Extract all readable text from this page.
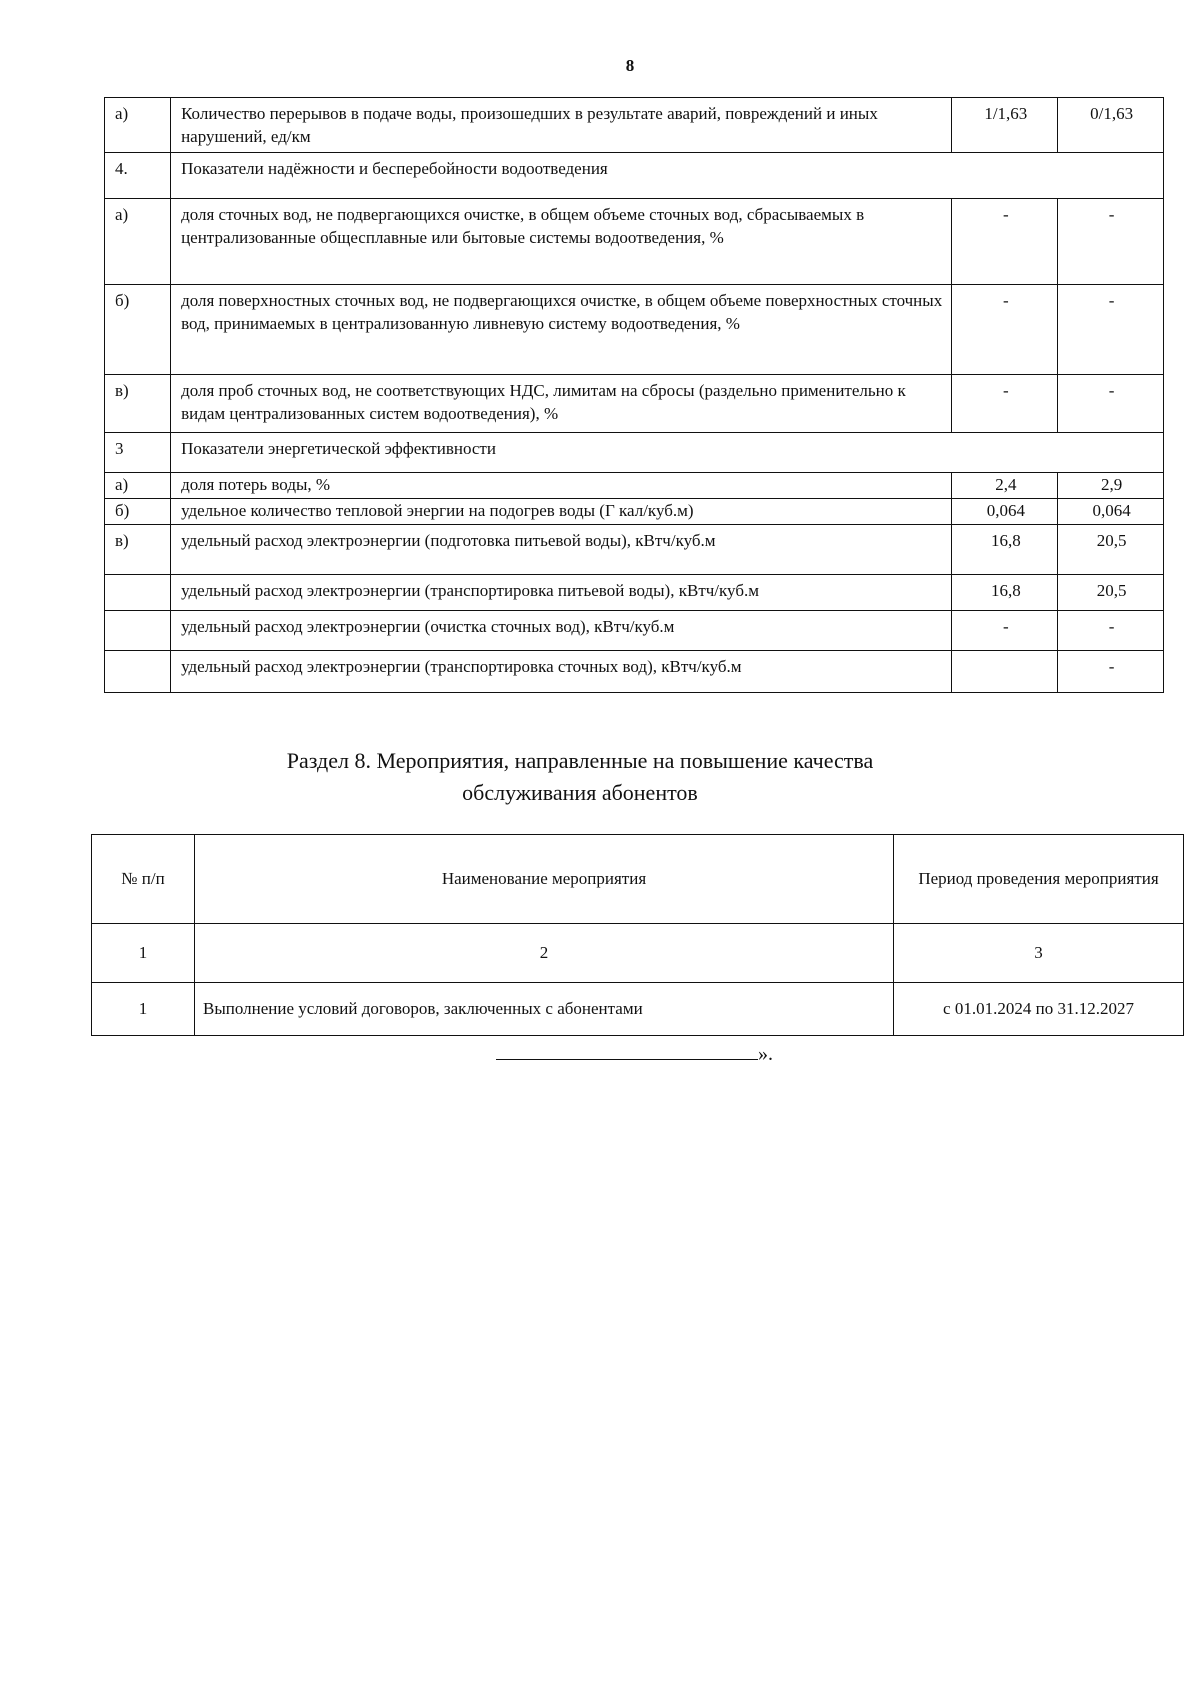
8
а)	Количество перерывов в подаче воды, произошедших в результате аварий, повреждений и иных нарушений, ед/км	1/1,63	0/1,63
4.	Показатели надёжности и бесперебойности водоотведения		
а)	доля сточных вод, не подвергающихся очистке, в общем объеме сточных вод, сбрасываемых в централизованные общесплавные или бытовые системы водоотведения, %	-	-
б)	доля поверхностных сточных вод, не подвергающихся очистке, в общем объеме поверхностных сточных вод, принимаемых в централизованную ливневую систему водоотведения, %	-	-
в)	доля проб сточных вод, не соответствующих НДС, лимитам на сбросы (раздельно применительно к видам централизованных систем водоотведения), %	-	-
3	Показатели энергетической эффективности		
а)	доля потерь воды, %	2,4	2,9
б)	удельное количество тепловой энергии на подогрев воды (Г кал/куб.м)	0,064	0,064
в)	удельный расход электроэнергии (подготовка питьевой воды), кВтч/куб.м	16,8	20,5
	удельный расход электроэнергии (транспортировка питьевой воды), кВтч/куб.м	16,8	20,5
	удельный расход электроэнергии (очистка сточных вод), кВтч/куб.м	-	-
	удельный расход электроэнергии (транспортировка сточных вод), кВтч/куб.м		-
Раздел 8. Мероприятия, направленные на повышение качества
обслуживания абонентов
№ п/п	Наименование мероприятия	Период проведения мероприятия
1	2	3
1	Выполнение условий договоров, заключенных с абонентами	с 01.01.2024 по 31.12.2027
».
